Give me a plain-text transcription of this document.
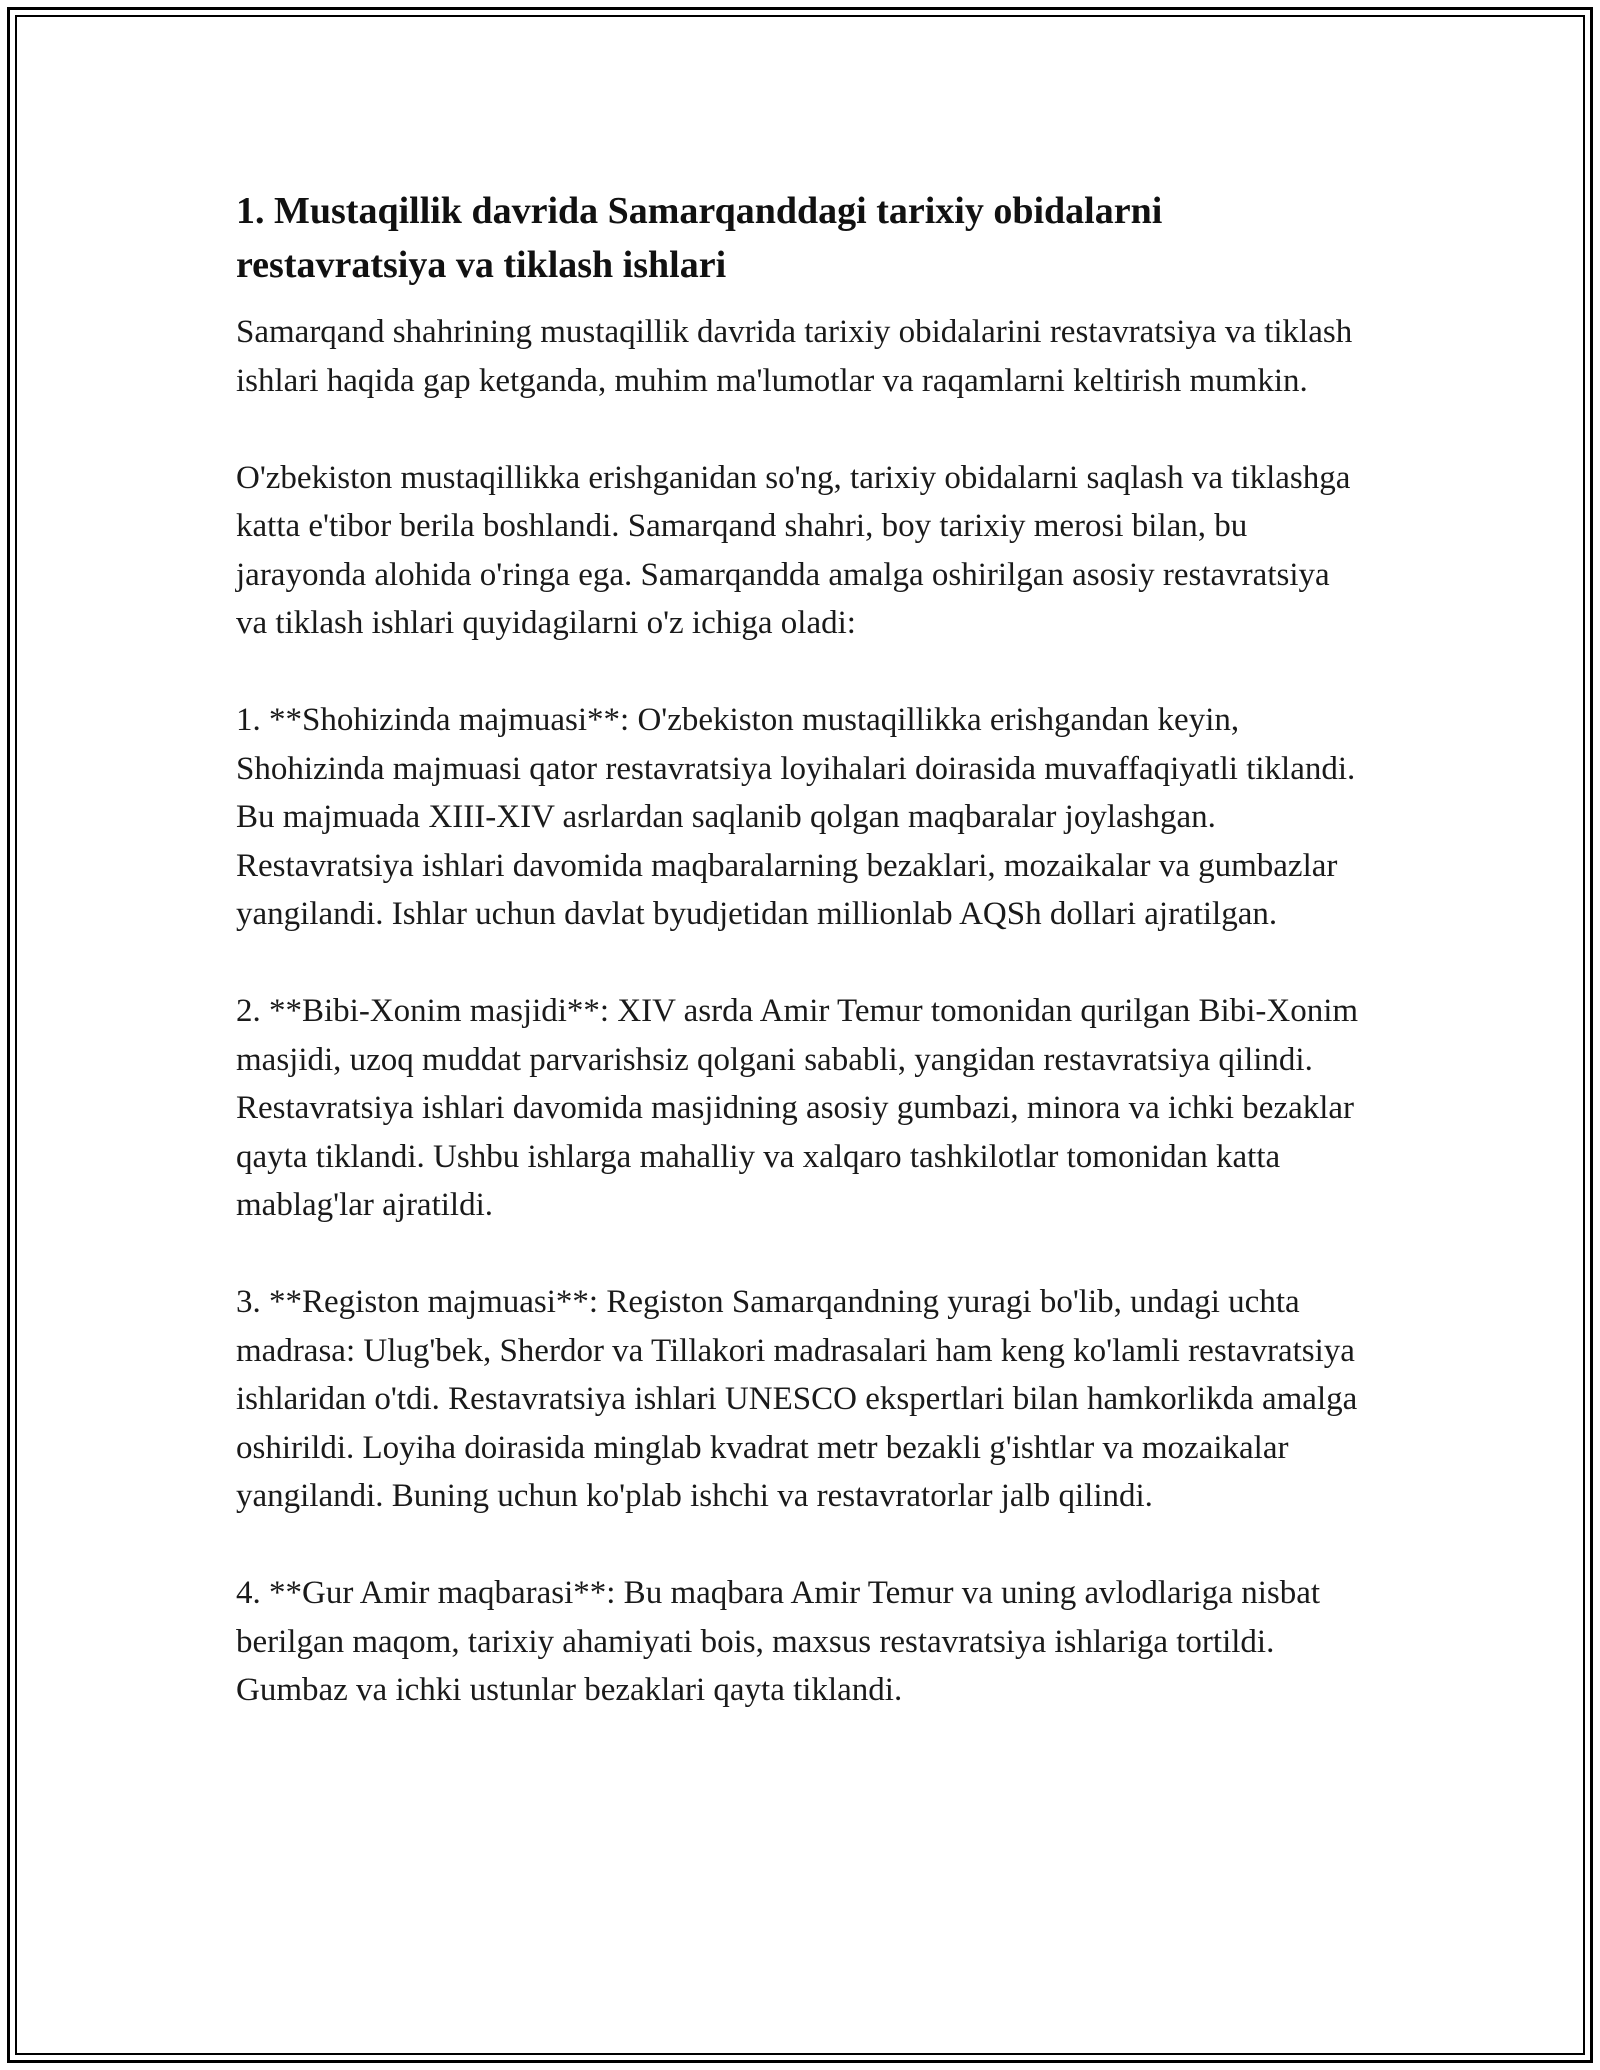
1. Mustaqillik davrida Samarqanddagi tarixiy obidalarni restavratsiya va tiklash ishlari

Samarqand shahrining mustaqillik davrida tarixiy obidalarini restavratsiya va tiklash ishlari haqida gap ketganda, muhim ma'lumotlar va raqamlarni keltirish mumkin.

O'zbekiston mustaqillikka erishganidan so'ng, tarixiy obidalarni saqlash va tiklashga katta e'tibor berila boshlandi. Samarqand shahri, boy tarixiy merosi bilan, bu jarayonda alohida o'ringa ega. Samarqandda amalga oshirilgan asosiy restavratsiya va tiklash ishlari quyidagilarni o'z ichiga oladi:

1. **Shohizinda majmuasi**: O'zbekiston mustaqillikka erishgandan keyin, Shohizinda majmuasi qator restavratsiya loyihalari doirasida muvaffaqiyatli tiklandi. Bu majmuada XIII-XIV asrlardan saqlanib qolgan maqbaralar joylashgan. Restavratsiya ishlari davomida maqbaralarning bezaklari, mozaikalar va gumbazlar yangilandi. Ishlar uchun davlat byudjetidan millionlab AQSh dollari ajratilgan.

2. **Bibi-Xonim masjidi**: XIV asrda Amir Temur tomonidan qurilgan Bibi-Xonim masjidi, uzoq muddat parvarishsiz qolgani sababli, yangidan restavratsiya qilindi. Restavratsiya ishlari davomida masjidning asosiy gumbazi, minora va ichki bezaklar qayta tiklandi. Ushbu ishlarga mahalliy va xalqaro tashkilotlar tomonidan katta mablag'lar ajratildi.

3. **Registon majmuasi**: Registon Samarqandning yuragi bo'lib, undagi uchta madrasa: Ulug'bek, Sherdor va Tillakori madrasalari ham keng ko'lamli restavratsiya ishlaridan o'tdi. Restavratsiya ishlari UNESCO ekspertlari bilan hamkorlikda amalga oshirildi. Loyiha doirasida minglab kvadrat metr bezakli g'ishtlar va mozaikalar yangilandi. Buning uchun ko'plab ishchi va restavratorlar jalb qilindi.

4. **Gur Amir maqbarasi**: Bu maqbara Amir Temur va uning avlodlariga nisbat berilgan maqom, tarixiy ahamiyati bois, maxsus restavratsiya ishlariga tortildi. Gumbaz va ichki ustunlar bezaklari qayta tiklandi.
